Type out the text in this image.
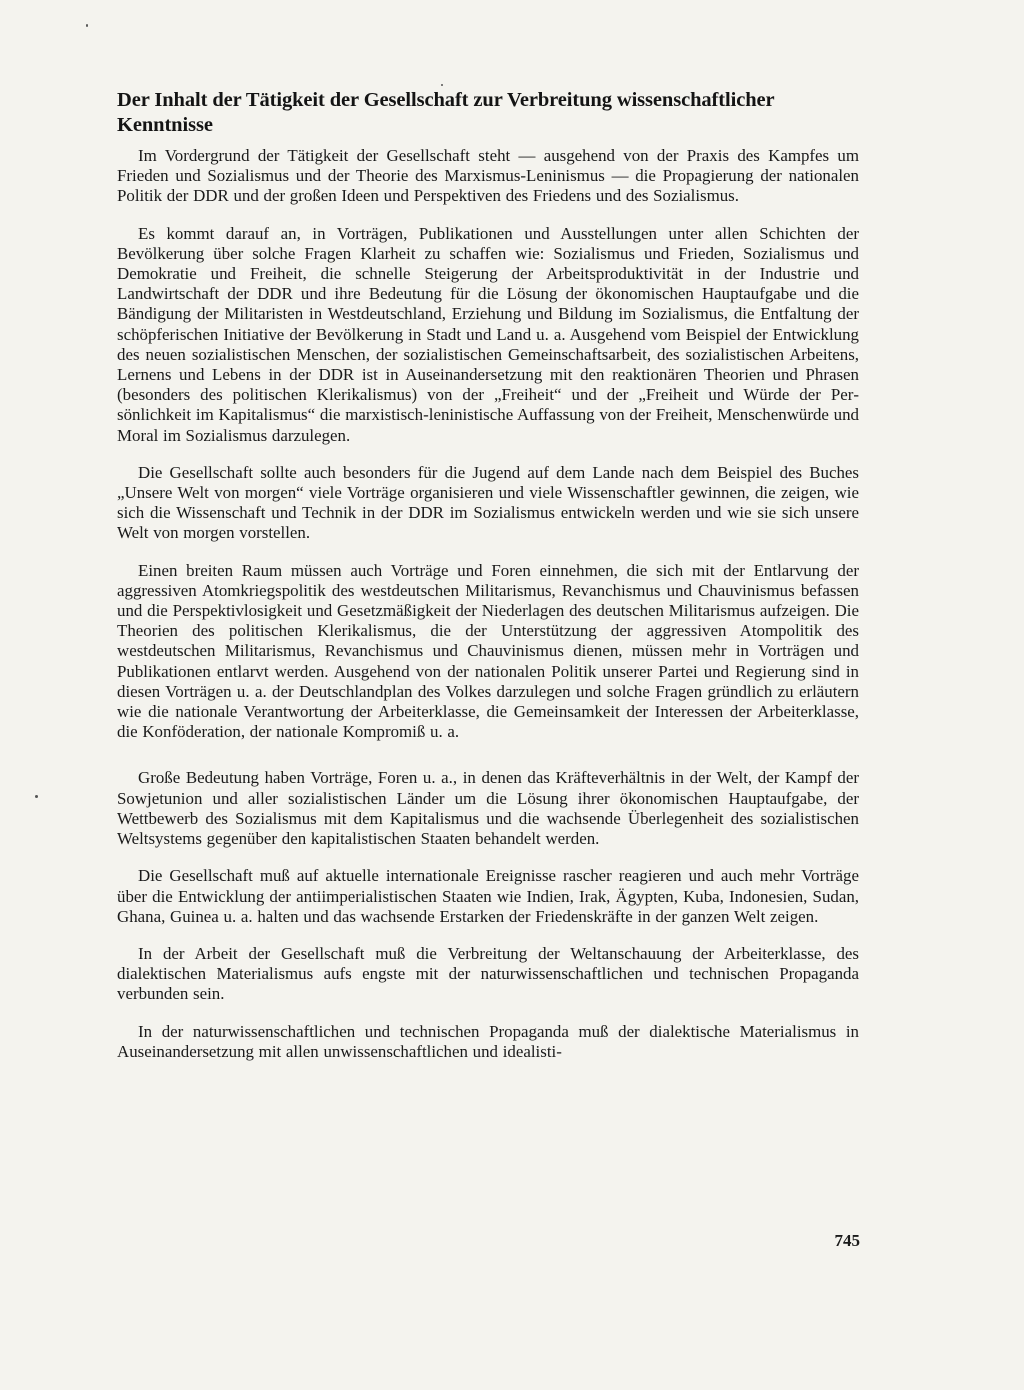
Der Inhalt der Tätigkeit der Gesellschaft zur Verbreitung wissenschaftlicher Kenntnisse

Im Vordergrund der Tätigkeit der Gesellschaft steht — ausgehend von der Praxis des Kampfes um Frieden und Sozialismus und der Theorie des Marxismus-Leninismus — die Propagierung der nationalen Politik der DDR und der großen Ideen und Perspektiven des Friedens und des Sozialismus.

Es kommt darauf an, in Vorträgen, Publikationen und Ausstellungen unter allen Schichten der Bevölkerung über solche Fragen Klarheit zu schaffen wie: Sozialismus und Frieden, Sozialismus und Demokratie und Freiheit, die schnelle Steigerung der Arbeitsproduktivität in der Industrie und Landwirtschaft der DDR und ihre Bedeutung für die Lösung der ökonomischen Hauptaufgabe und die Bändigung der Militaristen in Westdeutschland, Erziehung und Bildung im Sozialismus, die Entfaltung der schöpferischen Initiative der Bevölkerung in Stadt und Land u. a. Ausgehend vom Beispiel der Entwicklung des neuen sozialistischen Menschen, der sozialistischen Gemeinschaftsarbeit, des sozialistischen Arbeitens, Lernens und Lebens in der DDR ist in Auseinandersetzung mit den reaktionären Theorien und Phrasen (besonders des politischen Klerikalismus) von der „Freiheit“ und der „Freiheit und Würde der Persönlichkeit im Kapitalismus“ die marxistisch-leninistische Auffassung von der Freiheit, Menschenwürde und Moral im Sozialismus darzulegen.

Die Gesellschaft sollte auch besonders für die Jugend auf dem Lande nach dem Beispiel des Buches „Unsere Welt von morgen“ viele Vorträge organisieren und viele Wissenschaftler gewinnen, die zeigen, wie sich die Wissenschaft und Technik in der DDR im Sozialismus entwickeln werden und wie sie sich unsere Welt von morgen vorstellen.

Einen breiten Raum müssen auch Vorträge und Foren einnehmen, die sich mit der Entlarvung der aggressiven Atomkriegspolitik des westdeutschen Militarismus, Revanchismus und Chauvinismus befassen und die Perspektivlosigkeit und Gesetzmäßigkeit der Niederlagen des deutschen Militarismus aufzeigen. Die Theorien des politischen Klerikalismus, die der Unterstützung der aggressiven Atompolitik des westdeutschen Militarismus, Revanchismus und Chauvinismus dienen, müssen mehr in Vorträgen und Publikationen entlarvt werden. Ausgehend von der nationalen Politik unserer Partei und Regierung sind in diesen Vorträgen u. a. der Deutschlandplan des Volkes darzulegen und solche Fragen gründlich zu erläutern wie die nationale Verantwortung der Arbeiterklasse, die Gemeinsamkeit der Interessen der Arbeiterklasse, die Konföderation, der nationale Kompromiß u. a.

Große Bedeutung haben Vorträge, Foren u. a., in denen das Kräfteverhältnis in der Welt, der Kampf der Sowjetunion und aller sozialistischen Länder um die Lösung ihrer ökonomischen Hauptaufgabe, der Wettbewerb des Sozialismus mit dem Kapitalismus und die wachsende Überlegenheit des sozialistischen Weltsystems gegenüber den kapitalistischen Staaten behandelt werden.

Die Gesellschaft muß auf aktuelle internationale Ereignisse rascher reagieren und auch mehr Vorträge über die Entwicklung der antiimperialistischen Staaten wie Indien, Irak, Ägypten, Kuba, Indonesien, Sudan, Ghana, Guinea u. a. halten und das wachsende Erstarken der Friedenskräfte in der ganzen Welt zeigen.

In der Arbeit der Gesellschaft muß die Verbreitung der Weltanschauung der Arbeiterklasse, des dialektischen Materialismus aufs engste mit der naturwissenschaftlichen und technischen Propaganda verbunden sein.

In der naturwissenschaftlichen und technischen Propaganda muß der dialektische Materialismus in Auseinandersetzung mit allen unwissenschaftlichen und idealisti-

745
